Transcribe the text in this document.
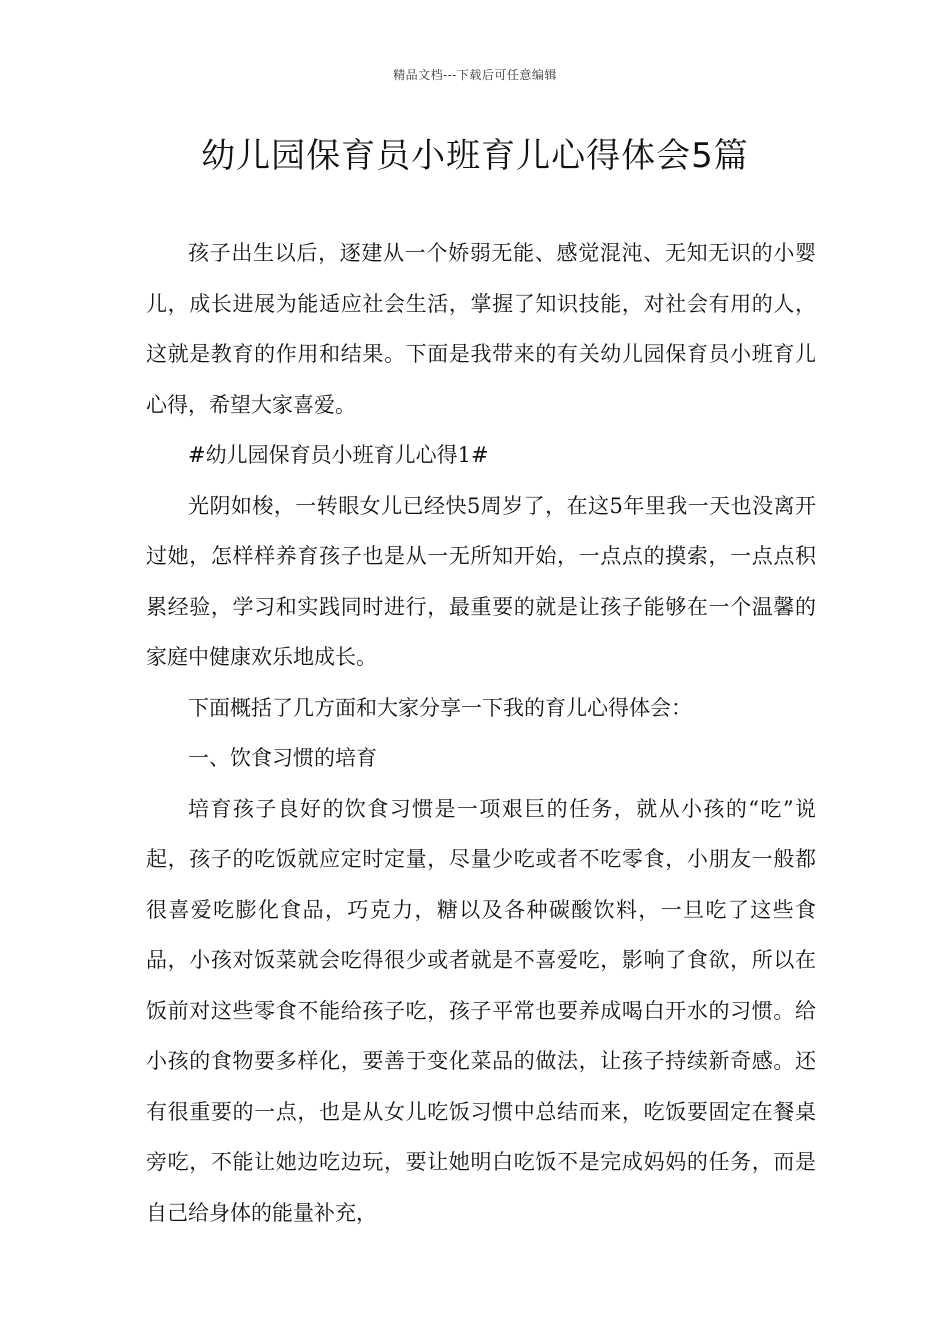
精品文档---下载后可任意编辑
幼儿园保育员小班育儿心得体会5篇

孩子出生以后，逐建从一个娇弱无能、感觉混沌、无知无识的小婴儿，成长进展为能适应社会生活，掌握了知识技能，对社会有用的人，这就是教育的作用和结果。下面是我带来的有关幼儿园保育员小班育儿心得，希望大家喜爱。

#幼儿园保育员小班育儿心得1#

光阴如梭，一转眼女儿已经快5周岁了，在这5年里我一天也没离开过她，怎样样养育孩子也是从一无所知开始，一点点的摸索，一点点积累经验，学习和实践同时进行，最重要的就是让孩子能够在一个温馨的家庭中健康欢乐地成长。

下面概括了几方面和大家分享一下我的育儿心得体会：

一、饮食习惯的培育

培育孩子良好的饮食习惯是一项艰巨的任务，就从小孩的“吃”说起，孩子的吃饭就应定时定量，尽量少吃或者不吃零食，小朋友一般都很喜爱吃膨化食品，巧克力，糖以及各种碳酸饮料，一旦吃了这些食品，小孩对饭菜就会吃得很少或者就是不喜爱吃，影响了食欲，所以在饭前对这些零食不能给孩子吃，孩子平常也要养成喝白开水的习惯。给小孩的食物要多样化，要善于变化菜品的做法，让孩子持续新奇感。还有很重要的一点，也是从女儿吃饭习惯中总结而来，吃饭要固定在餐桌旁吃，不能让她边吃边玩，要让她明白吃饭不是完成妈妈的任务，而是自己给身体的能量补充，
